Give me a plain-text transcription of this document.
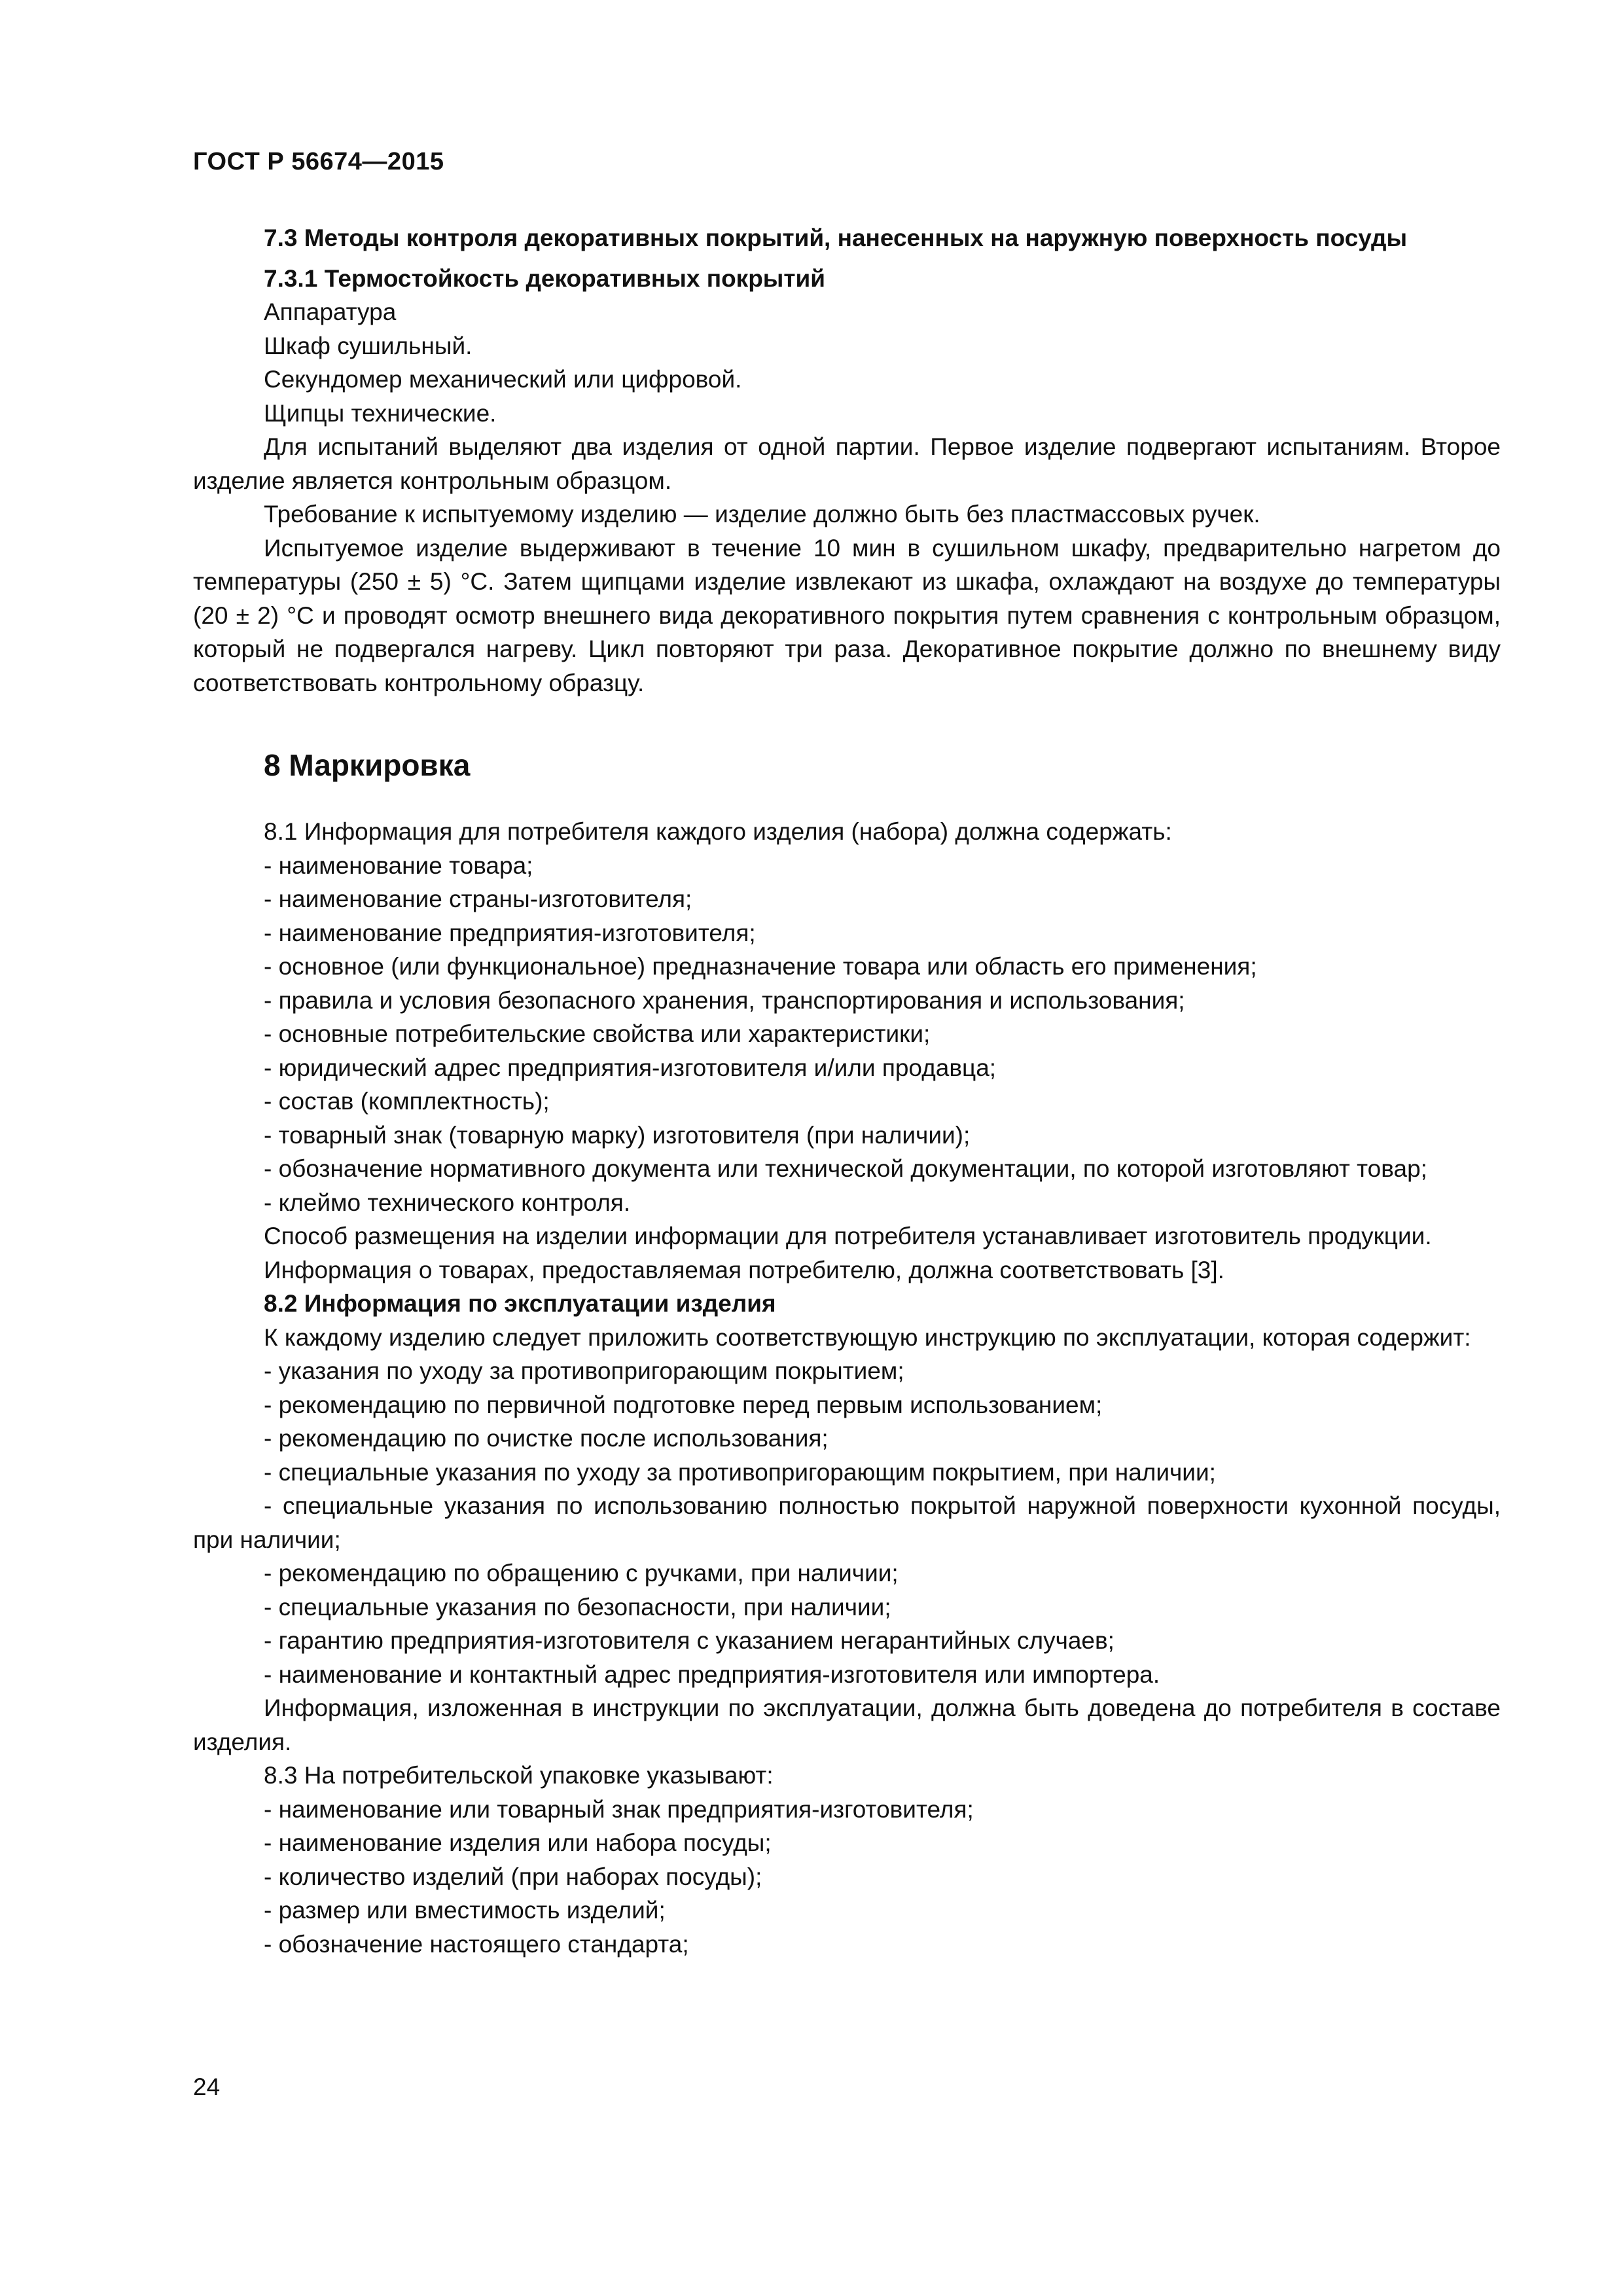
ГОСТ Р 56674—2015

7.3 Методы контроля декоративных покрытий, нанесенных на наружную поверхность посуды

7.3.1 Термостойкость декоративных покрытий

Аппаратура

Шкаф сушильный.

Секундомер механический или цифровой.

Щипцы технические.

Для испытаний выделяют два изделия от одной партии. Первое изделие подвергают испытаниям. Второе изделие является контрольным образцом.

Требование к испытуемому изделию — изделие должно быть без пластмассовых ручек.

Испытуемое изделие выдерживают в течение 10 мин в сушильном шкафу, предварительно нагретом до температуры (250 ± 5) °С. Затем щипцами изделие извлекают из шкафа, охлаждают на воздухе до температуры (20 ± 2) °С и проводят осмотр внешнего вида декоративного покрытия путем сравнения с контрольным образцом, который не подвергался нагреву. Цикл повторяют три раза. Декоративное покрытие должно по внешнему виду соответствовать контрольному образцу.

8 Маркировка

8.1 Информация для потребителя каждого изделия (набора) должна содержать:

- наименование товара;

- наименование страны-изготовителя;

- наименование предприятия-изготовителя;

- основное (или функциональное) предназначение товара или область его применения;

- правила и условия безопасного хранения, транспортирования и использования;

- основные потребительские свойства или характеристики;

- юридический адрес предприятия-изготовителя и/или продавца;

- состав (комплектность);

- товарный знак (товарную марку) изготовителя (при наличии);

- обозначение нормативного документа или технической документации, по которой изготовляют товар;

- клеймо технического контроля.

Способ размещения на изделии информации для потребителя устанавливает изготовитель продукции.

Информация о товарах, предоставляемая потребителю, должна соответствовать [3].

8.2 Информация по эксплуатации изделия

К каждому изделию следует приложить соответствующую инструкцию по эксплуатации, которая содержит:

- указания по уходу за противопригорающим покрытием;

- рекомендацию по первичной подготовке перед первым использованием;

- рекомендацию по очистке после использования;

- специальные указания по уходу за противопригорающим покрытием, при наличии;

- специальные указания по использованию полностью покрытой наружной поверхности кухонной посуды, при наличии;

- рекомендацию по обращению с ручками, при наличии;

- специальные указания по безопасности, при наличии;

- гарантию предприятия-изготовителя с указанием негарантийных случаев;

- наименование и контактный адрес предприятия-изготовителя или импортера.

Информация, изложенная в инструкции по эксплуатации, должна быть доведена до потребителя в составе изделия.

8.3 На потребительской упаковке указывают:

- наименование или товарный знак предприятия-изготовителя;

- наименование изделия или набора посуды;

- количество изделий (при наборах посуды);

- размер или вместимость изделий;

- обозначение настоящего стандарта;

24
